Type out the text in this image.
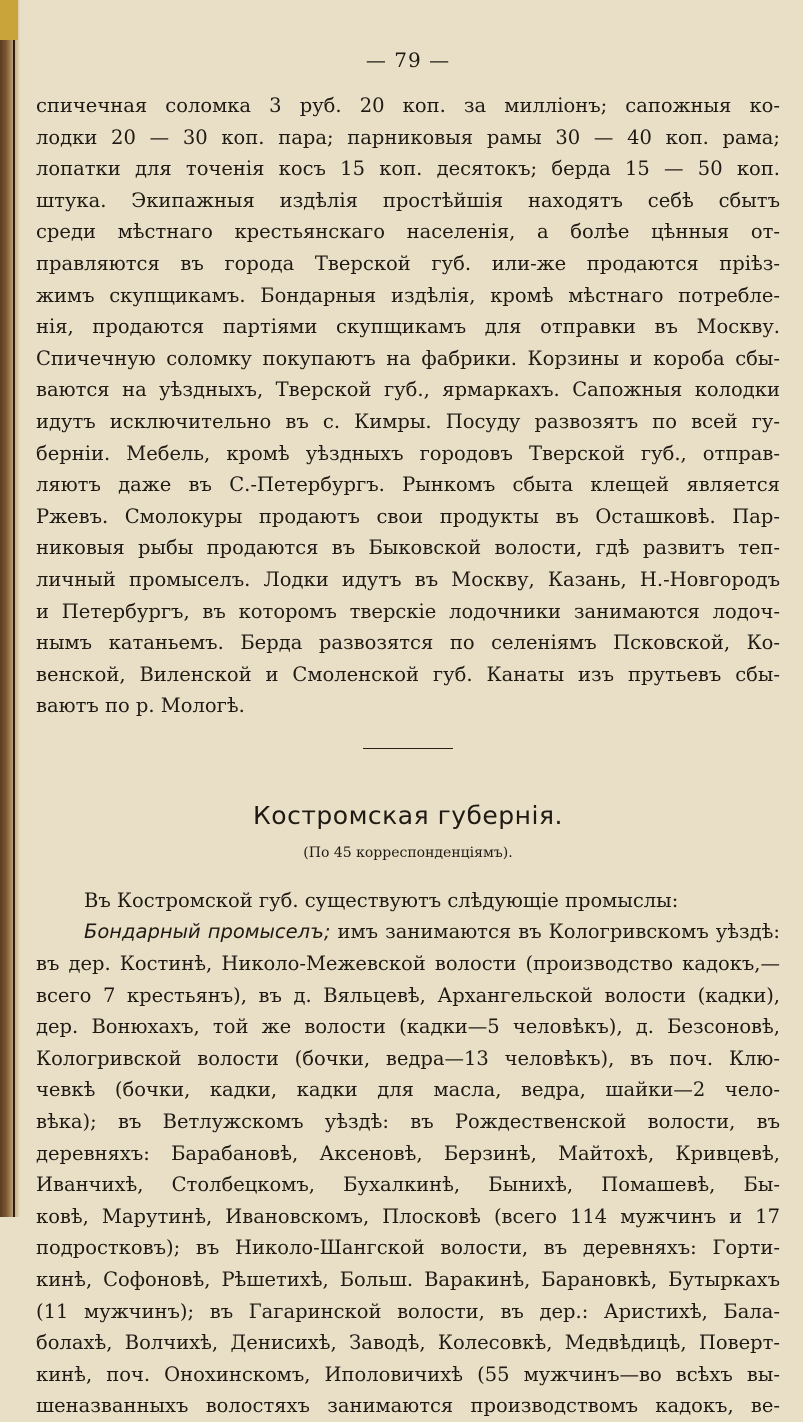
— 79 —
спичечная соломка 3 руб. 20 коп. за милліонъ; сапожныя ко-
лодки 20 — 30 коп. пара; парниковыя рамы 30 — 40 коп. рама;
лопатки для точенія косъ 15 коп. десятокъ; берда 15 — 50 коп.
штука. Экипажныя издѣлія простѣйшія находятъ себѣ сбытъ
среди мѣстнаго крестьянскаго населенія, а болѣе цѣнныя от-
правляются въ города Тверской губ. или-же продаются пріѣз-
жимъ скупщикамъ. Бондарныя издѣлія, кромѣ мѣстнаго потребле-
нія, продаются партіями скупщикамъ для отправки въ Москву.
Спичечную соломку покупаютъ на фабрики. Корзины и короба сбы-
ваются на уѣздныхъ, Тверской губ., ярмаркахъ. Сапожныя колодки
идутъ исключительно въ с. Кимры. Посуду развозятъ по всей гу-
берніи. Мебель, кромѣ уѣздныхъ городовъ Тверской губ., отправ-
ляютъ даже въ С.-Петербургъ. Рынкомъ сбыта клещей является
Ржевъ. Смолокуры продаютъ свои продукты въ Осташковѣ. Пар-
никовыя рыбы продаются въ Быковской волости, гдѣ развитъ теп-
личный промыселъ. Лодки идутъ въ Москву, Казань, Н.-Новгородъ
и Петербургъ, въ которомъ тверскіе лодочники занимаются лодоч-
нымъ катаньемъ. Берда развозятся по селеніямъ Псковской, Ко-
венской, Виленской и Смоленской губ. Канаты изъ прутьевъ сбы-
ваютъ по р. Мологѣ.
Костромская губернія.
(По 45 корреспонденціямъ).
Въ Костромской губ. существуютъ слѣдующіе промыслы:
Бондарный промыселъ; имъ занимаются въ Кологривскомъ уѣздѣ:
въ дер. Костинѣ, Николо-Межевской волости (производство кадокъ,—
всего 7 крестьянъ), въ д. Вяльцевѣ, Архангельской волости (кадки),
дер. Вонюхахъ, той же волости (кадки—5 человѣкъ), д. Безсоновѣ,
Кологривской волости (бочки, ведра—13 человѣкъ), въ поч. Клю-
чевкѣ (бочки, кадки, кадки для масла, ведра, шайки—2 чело-
вѣка); въ Ветлужскомъ уѣздѣ: въ Рождественской волости, въ
деревняхъ: Барабановѣ, Аксеновѣ, Берзинѣ, Майтохѣ, Кривцевѣ,
Иванчихѣ, Столбецкомъ, Бухалкинѣ, Бынихѣ, Помашевѣ, Бы-
ковѣ, Марутинѣ, Ивановскомъ, Плосковѣ (всего 114 мужчинъ и 17
подростковъ); въ Николо-Шангской волости, въ деревняхъ: Горти-
кинѣ, Софоновѣ, Рѣшетихѣ, Больш. Варакинѣ, Барановкѣ, Бутыркахъ
(11 мужчинъ); въ Гагаринской волости, въ дер.: Аристихѣ, Бала-
болахѣ, Волчихѣ, Денисихѣ, Заводѣ, Колесовкѣ, Медвѣдицѣ, Поверт-
кинѣ, поч. Онохинскомъ, Иполовичихѣ (55 мужчинъ—во всѣхъ вы-
шеназванныхъ волостяхъ занимаются производствомъ кадокъ, ве-
